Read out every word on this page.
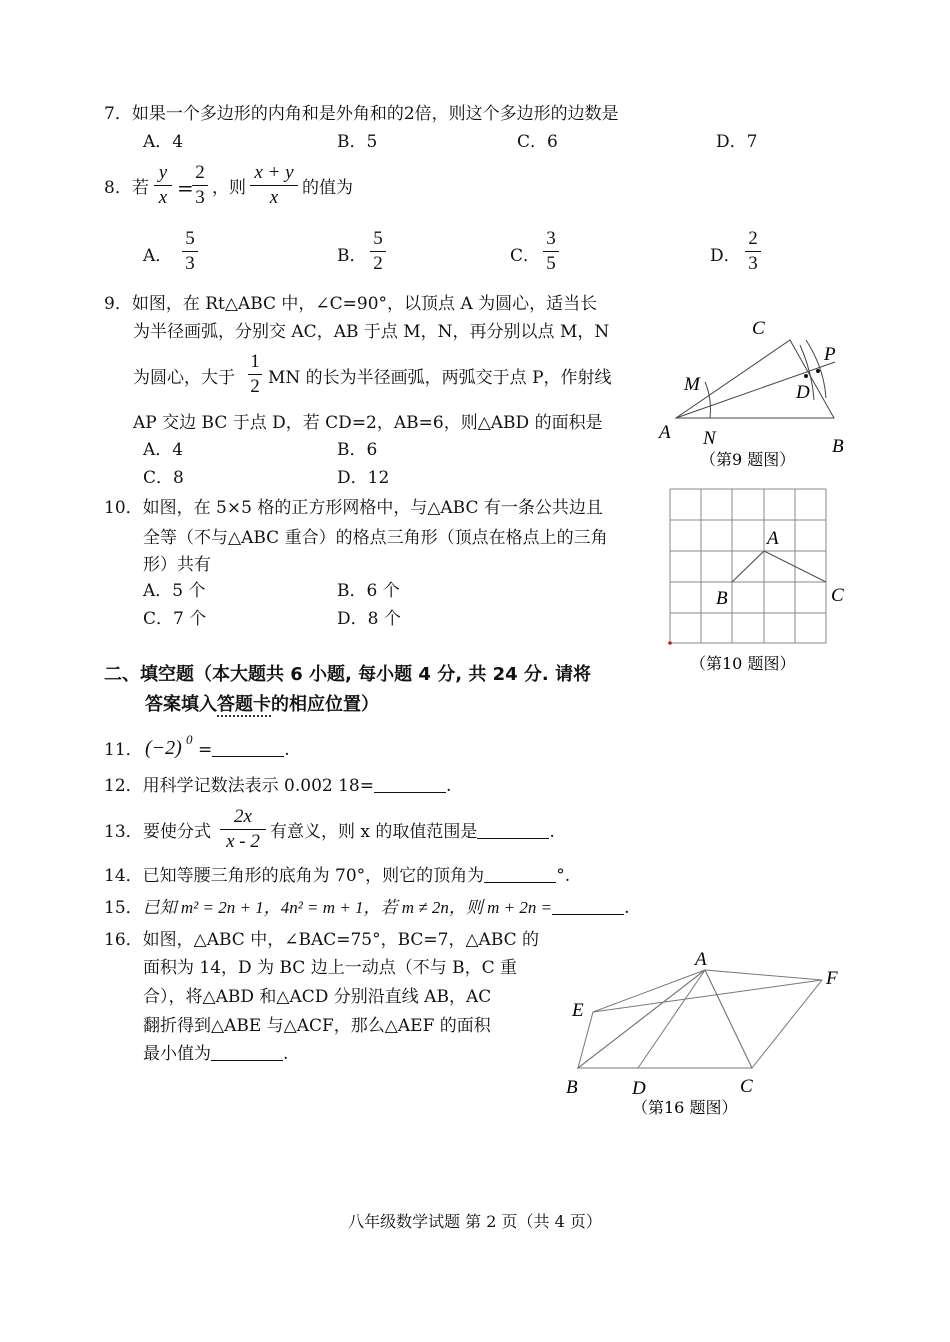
7．如果一个多边形的内角和是外角和的2倍，则这个多边形的边数是
A．4	B．5	C．6	D．7
8． 若
y
x =
2
3 ，则
x + y
x	的值为
A．
5
3	B．
5
2	C．
3
5	D．
2
3
9．如图，在 Rt△ABC 中，∠C=90°，以顶点 A 为圆心，适当长
为半径画弧，分别交 AC，AB 于点 M，N，再分别以点 M，N
为圆心，大于
1
2 MN 的长为半径画弧，两弧交于点 P，作射线
AP 交边 BC 于点 D，若 CD=2，AB=6，则△ABD 的面积是
A．4	B．6
C．8	D．12
C
P
M	D
A N	B
（第9 题图）
10．如图，在 5×5 格的正方形网格中，与△ABC 有一条公共边且
全等（不与△ABC 重合）的格点三角形（顶点在格点上的三角
形）共有
A．5 个	B．6 个
C．7 个	D．8 个
A
B	C
（第10 题图）
二、填空题（本大题共 6 小题, 每小题 4 分, 共 24 分. 请将
答案填入答题卡的相应位置）
11． (−2) 0
=	.
12．用科学记数法表示 0.002 18=	.
13． 要使分式
2x
x - 2 有意义，则 x 的取值范围是	.
14．已知等腰三角形的底角为 70°，则它的顶角为	°.
15．已知 m² = 2n + 1，4n² = m + 1，若 m ≠ 2n，则 m + 2n =	.
16．如图，△ABC 中，∠BAC=75°，BC=7，△ABC 的
面积为 14，D 为 BC 边上一动点（不与 B，C 重
合），将△ABD 和△ACD 分别沿直线 AB，AC
翻折得到△ABE 与△ACF，那么△AEF 的面积
最小值为	.
A
F
E
B	D	C
（第16 题图）
八年级数学试题 第 2 页（共 4 页）
